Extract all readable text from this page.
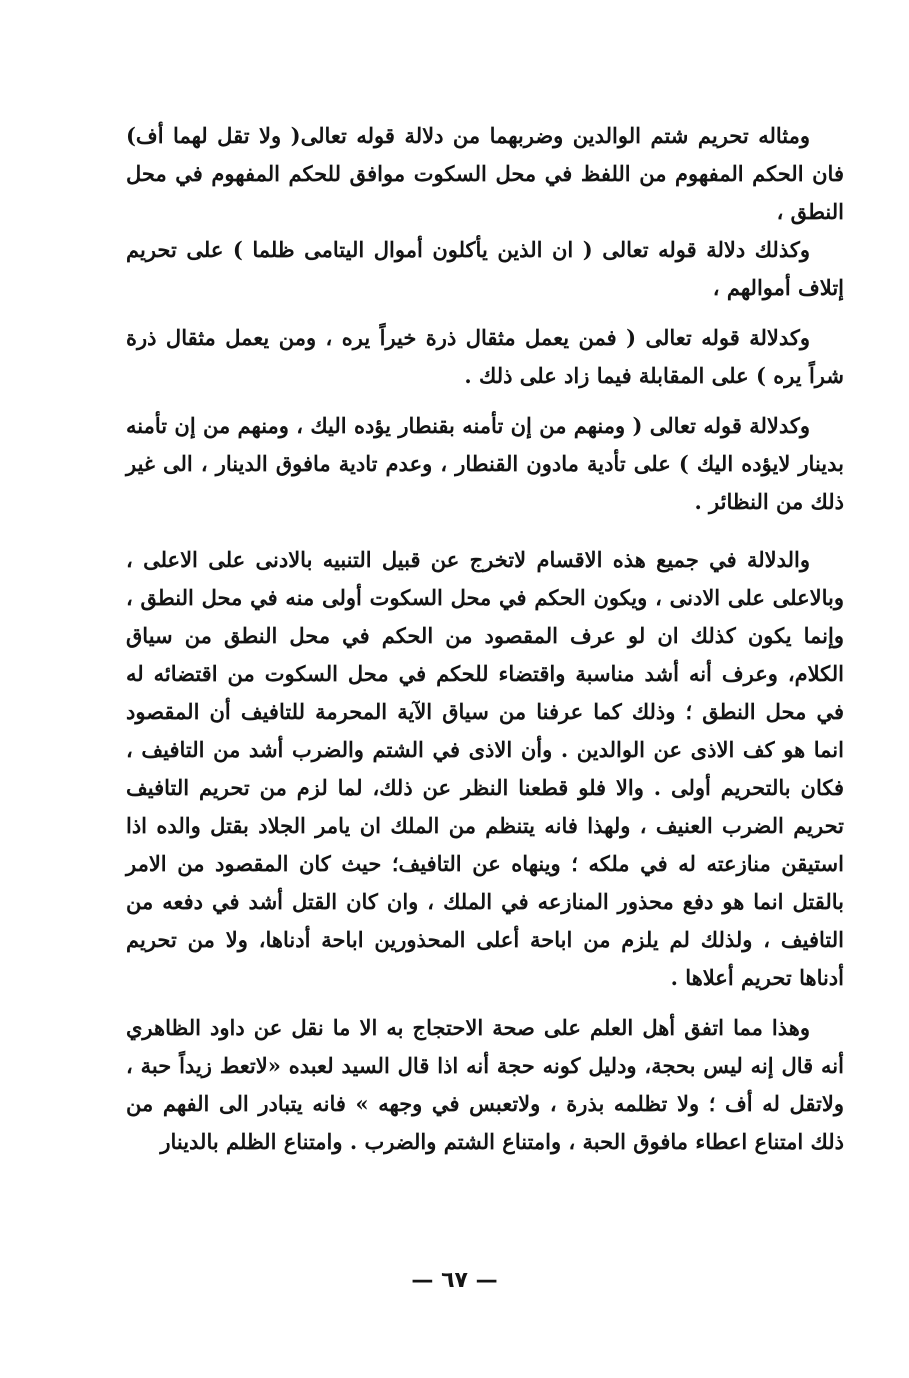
ومثاله تحريم شتم الوالدين وضربهما من دلالة قوله تعالى( ولا تقل لهما أف) فان الحكم المفهوم من اللفظ في محل السكوت موافق للحكم المفهوم في محل النطق ،

وكذلك دلالة قوله تعالى ( ان الذين يأكلون أموال اليتامى ظلما ) على تحريم إتلاف أموالهم ،

وكدلالة قوله تعالى ( فمن يعمل مثقال ذرة خيراً يره ، ومن يعمل مثقال ذرة شراً يره ) على المقابلة فيما زاد على ذلك .

وكدلالة قوله تعالى ( ومنهم من إن تأمنه بقنطار يؤده اليك ، ومنهم من إن تأمنه بدينار لايؤده اليك ) على تأدية مادون القنطار ، وعدم تادية مافوق الدينار ، الى غير ذلك من النظائر .

والدلالة في جميع هذه الاقسام لاتخرج عن قبيل التنبيه بالادنى على الاعلى ، وبالاعلى على الادنى ، ويكون الحكم في محل السكوت أولى منه في محل النطق ، وإنما يكون كذلك ان لو عرف المقصود من الحكم في محل النطق من سياق الكلام، وعرف أنه أشد مناسبة واقتضاء للحكم في محل السكوت من اقتضائه له في محل النطق ؛ وذلك كما عرفنا من سياق الآية المحرمة للتافيف أن المقصود انما هو كف الاذى عن الوالدين . وأن الاذى في الشتم والضرب أشد من التافيف ، فكان بالتحريم أولى . والا فلو قطعنا النظر عن ذلك، لما لزم من تحريم التافيف تحريم الضرب العنيف ، ولهذا فانه يتنظم من الملك ان يامر الجلاد بقتل والده اذا استيقن منازعته له في ملكه ؛ وينهاه عن التافيف؛ حيث كان المقصود من الامر بالقتل انما هو دفع محذور المنازعه في الملك ، وان كان القتل أشد في دفعه من التافيف ، ولذلك لم يلزم من اباحة أعلى المحذورين اباحة أدناها، ولا من تحريم أدناها تحريم أعلاها .

وهذا مما اتفق أهل العلم على صحة الاحتجاج به الا ما نقل عن داود الظاهري أنه قال إنه ليس بحجة، ودليل كونه حجة أنه اذا قال السيد لعبده «لاتعط زيداً حبة ، ولاتقل له أف ؛ ولا تظلمه بذرة ، ولاتعبس في وجهه » فانه يتبادر الى الفهم من ذلك امتناع اعطاء مافوق الحبة ، وامتناع الشتم والضرب . وامتناع الظلم بالدينار

— ٦٧ —
